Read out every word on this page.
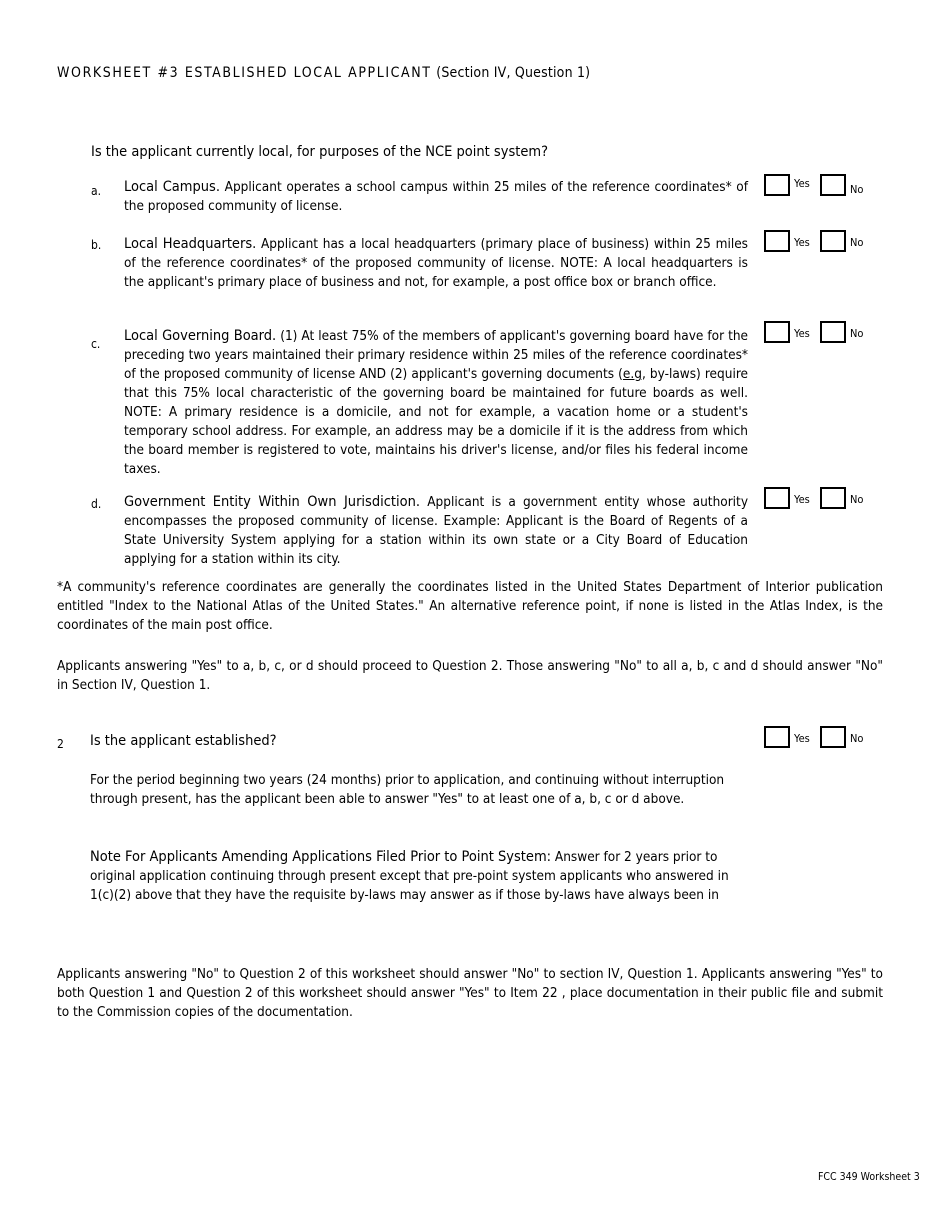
WORKSHEET #3 ESTABLISHED LOCAL APPLICANT (Section IV, Question 1)
Is the applicant currently local, for purposes of the NCE point system?
a. Local Campus. Applicant operates a school campus within 25 miles of the reference coordinates* of the proposed community of license.
Yes	No
b. Local Headquarters. Applicant has a local headquarters (primary place of business) within 25 miles of the reference coordinates* of the proposed community of license. NOTE: A local headquarters is the applicant's primary place of business and not, for example, a post office box or branch office.
Yes	No
c. Local Governing Board. (1) At least 75% of the members of applicant's governing board have for the preceding two years maintained their primary residence within 25 miles of the reference coordinates* of the proposed community of license AND (2) applicant's governing documents (e.g, by-laws) require that this 75% local characteristic of the governing board be maintained for future boards as well. NOTE: A primary residence is a domicile, and not for example, a vacation home or a student's temporary school address. For example, an address may be a domicile if it is the address from which the board member is registered to vote, maintains his driver's license, and/or files his federal income taxes.
Yes	No
d. Government Entity Within Own Jurisdiction. Applicant is a government entity whose authority encompasses the proposed community of license. Example: Applicant is the Board of Regents of a State University System applying for a station within its own state or a City Board of Education applying for a station within its city.
Yes	No
*A community's reference coordinates are generally the coordinates listed in the United States Department of Interior publication entitled "Index to the National Atlas of the United States." An alternative reference point, if none is listed in the Atlas Index, is the coordinates of the main post office.
Applicants answering "Yes" to a, b, c, or d should proceed to Question 2. Those answering "No" to all a, b, c and d should answer "No" in Section IV, Question 1.
2 Is the applicant established?	Yes	No
For the period beginning two years (24 months) prior to application, and continuing without interruption through present, has the applicant been able to answer "Yes" to at least one of a, b, c or d above.
Note For Applicants Amending Applications Filed Prior to Point System: Answer for 2 years prior to original application continuing through present except that pre-point system applicants who answered in 1(c)(2) above that they have the requisite by-laws may answer as if those by-laws have always been in
Applicants answering "No" to Question 2 of this worksheet should answer "No" to section IV, Question 1. Applicants answering "Yes" to both Question 1 and Question 2 of this worksheet should answer "Yes" to Item 22 , place documentation in their public file and submit to the Commission copies of the documentation.
FCC 349 Worksheet 3
